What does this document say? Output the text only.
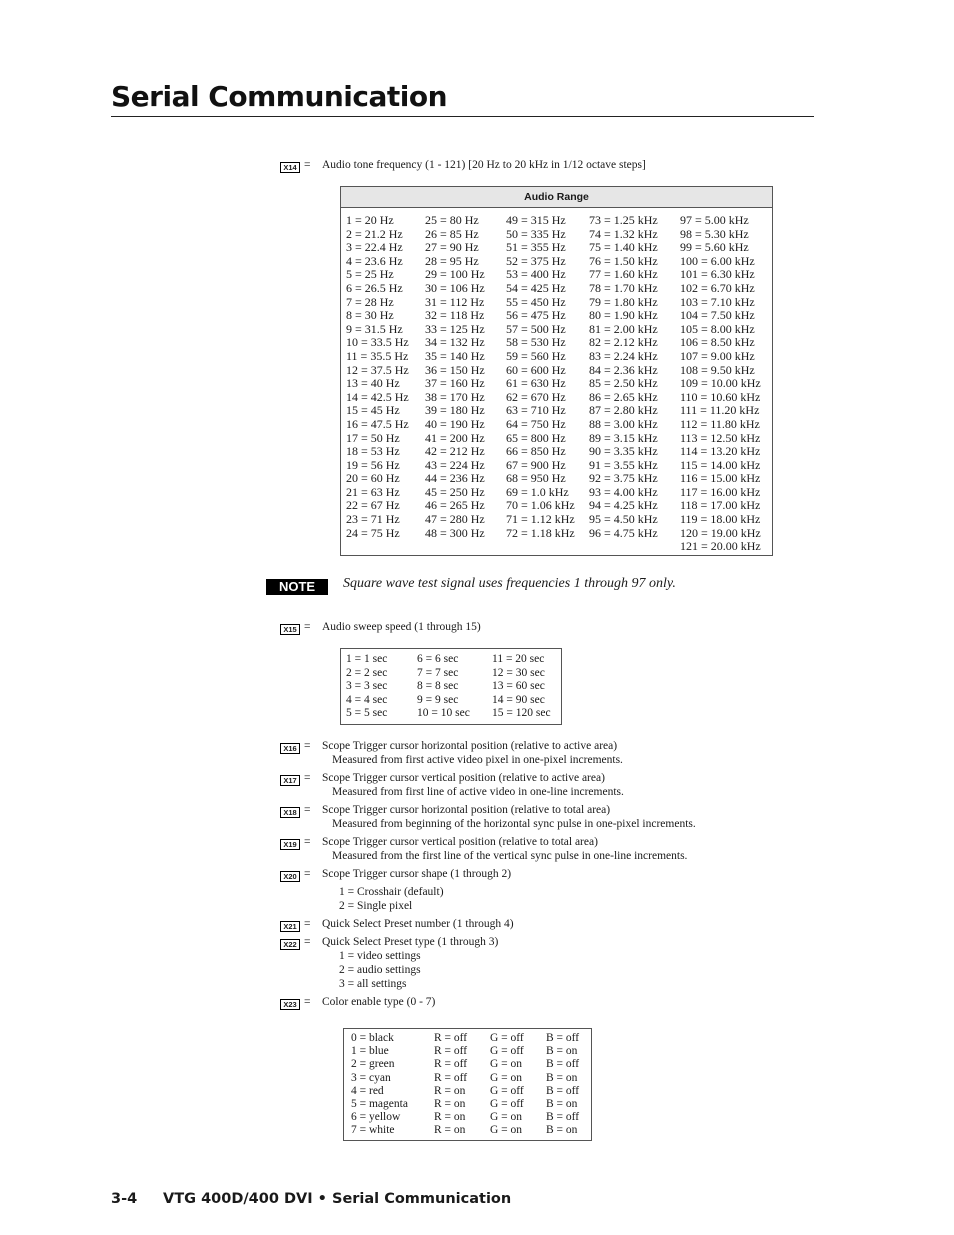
Serial Communication
X14 = Audio tone frequency (1 - 121) [20 Hz to 20 kHz in 1/12 octave steps]
Audio Range
1 = 20 Hz
2 = 21.2 Hz
3 = 22.4 Hz
4 = 23.6 Hz
5 = 25 Hz
6 = 26.5 Hz
7 = 28 Hz
8 = 30 Hz
9 = 31.5 Hz
10 = 33.5 Hz
11 = 35.5 Hz
12 = 37.5 Hz
13 = 40 Hz
14 = 42.5 Hz
15 = 45 Hz
16 = 47.5 Hz
17 = 50 Hz
18 = 53 Hz
19 = 56 Hz
20 = 60 Hz
21 = 63 Hz
22 = 67 Hz
23 = 71 Hz
24 = 75 Hz
25 = 80 Hz
26 = 85 Hz
27 = 90 Hz
28 = 95 Hz
29 = 100 Hz
30 = 106 Hz
31 = 112 Hz
32 = 118 Hz
33 = 125 Hz
34 = 132 Hz
35 = 140 Hz
36 = 150 Hz
37 = 160 Hz
38 = 170 Hz
39 = 180 Hz
40 = 190 Hz
41 = 200 Hz
42 = 212 Hz
43 = 224 Hz
44 = 236 Hz
45 = 250 Hz
46 = 265 Hz
47 = 280 Hz
48 = 300 Hz
49 = 315 Hz
50 = 335 Hz
51 = 355 Hz
52 = 375 Hz
53 = 400 Hz
54 = 425 Hz
55 = 450 Hz
56 = 475 Hz
57 = 500 Hz
58 = 530 Hz
59 = 560 Hz
60 = 600 Hz
61 = 630 Hz
62 = 670 Hz
63 = 710 Hz
64 = 750 Hz
65 = 800 Hz
66 = 850 Hz
67 = 900 Hz
68 = 950 Hz
69 = 1.0 kHz
70 = 1.06 kHz
71 = 1.12 kHz
72 = 1.18 kHz
73 = 1.25 kHz
74 = 1.32 kHz
75 = 1.40 kHz
76 = 1.50 kHz
77 = 1.60 kHz
78 = 1.70 kHz
79 = 1.80 kHz
80 = 1.90 kHz
81 = 2.00 kHz
82 = 2.12 kHz
83 = 2.24 kHz
84 = 2.36 kHz
85 = 2.50 kHz
86 = 2.65 kHz
87 = 2.80 kHz
88 = 3.00 kHz
89 = 3.15 kHz
90 = 3.35 kHz
91 = 3.55 kHz
92 = 3.75 kHz
93 = 4.00 kHz
94 = 4.25 kHz
95 = 4.50 kHz
96 = 4.75 kHz
97 = 5.00 kHz
98 = 5.30 kHz
99 = 5.60 kHz
100 = 6.00 kHz
101 = 6.30 kHz
102 = 6.70 kHz
103 = 7.10 kHz
104 = 7.50 kHz
105 = 8.00 kHz
106 = 8.50 kHz
107 = 9.00 kHz
108 = 9.50 kHz
109 = 10.00 kHz
110 = 10.60 kHz
111 = 11.20 kHz
112 = 11.80 kHz
113 = 12.50 kHz
114 = 13.20 kHz
115 = 14.00 kHz
116 = 15.00 kHz
117 = 16.00 kHz
118 = 17.00 kHz
119 = 18.00 kHz
120 = 19.00 kHz
121 = 20.00 kHz
NOTE	Square wave test signal uses frequencies 1 through 97 only.
X15 = Audio sweep speed (1 through 15)
1 = 1 sec
2 = 2 sec
3 = 3 sec
4 = 4 sec
5 = 5 sec
6 = 6 sec
7 = 7 sec
8 = 8 sec
9 = 9 sec
10 = 10 sec
11 = 20 sec
12 = 30 sec
13 = 60 sec
14 = 90 sec
15 = 120 sec
X16 = Scope Trigger cursor horizontal position (relative to active area)
Measured from first active video pixel in one-pixel increments.
X17 = Scope Trigger cursor vertical position (relative to active area)
Measured from first line of active video in one-line increments.
X18 = Scope Trigger cursor horizontal position (relative to total area)
Measured from beginning of the horizontal sync pulse in one-pixel increments.
X19 = Scope Trigger cursor vertical position (relative to total area)
Measured from the first line of the vertical sync pulse in one-line increments.
X20 = Scope Trigger cursor shape (1 through 2)
1 = Crosshair (default)
2 = Single pixel
X21 = Quick Select Preset number (1 through 4)
X22 = Quick Select Preset type (1 through 3)
1 = video settings
2 = audio settings
3 = all settings
X23 = Color enable type (0 - 7)
0 = black
1 = blue
2 = green
3 = cyan
4 = red
5 = magenta
6 = yellow
7 = white
R = off
R = off
R = off
R = off
R = on
R = on
R = on
R = on
G = off
G = off
G = on
G = on
G = off
G = off
G = on
G = on
B = off
B = on
B = off
B = on
B = off
B = on
B = off
B = on
3-4 VTG 400D/400 DVI • Serial Communication
